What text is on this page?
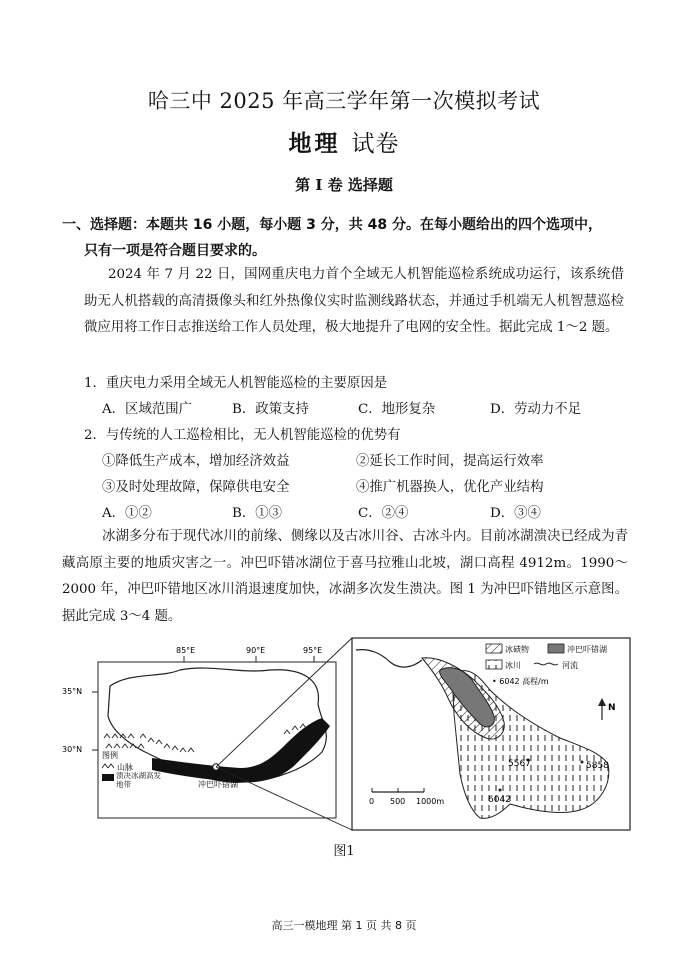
哈三中 2025 年高三学年第一次模拟考试
地理 试卷
第 I 卷 选择题
一、选择题：本题共 16 小题，每小题 3 分，共 48 分。在每小题给出的四个选项中，
只有一项是符合题目要求的。
2024 年 7 月 22 日，国网重庆电力首个全域无人机智能巡检系统成功运行，该系统借助无人机搭载的高清摄像头和红外热像仪实时监测线路状态，并通过手机端无人机智慧巡检微应用将工作日志推送给工作人员处理，极大地提升了电网的安全性。据此完成 1～2 题。
1．重庆电力采用全域无人机智能巡检的主要原因是
A．区域范围广	B．政策支持	C．地形复杂	D．劳动力不足
2．与传统的人工巡检相比，无人机智能巡检的优势有
①降低生产成本，增加经济效益	②延长工作时间，提高运行效率
③及时处理故障，保障供电安全	④推广机器换人，优化产业结构
A．①②	B．①③	C．②④	D．③④
冰湖多分布于现代冰川的前缘、侧缘以及古冰川谷、古冰斗内。目前冰湖溃决已经成为青藏高原主要的地质灾害之一。冲巴吓错冰湖位于喜马拉雅山北坡，湖口高程 4912m。1990～2000 年，冲巴吓错地区冰川消退速度加快，冰湖多次发生溃决。图 1 为冲巴吓错地区示意图。据此完成 3～4 题。
85°E	90°E	95°E
35°N
30°N
冲巴吓错湖
图例
山脉
溃决冰湖高发地带
冰碛物	冲巴吓错湖
冰川	河流
• 6042 高程/m
N
5567	5858
6042
0 500 1000m
图1
高三一模地理 第 1 页 共 8 页
